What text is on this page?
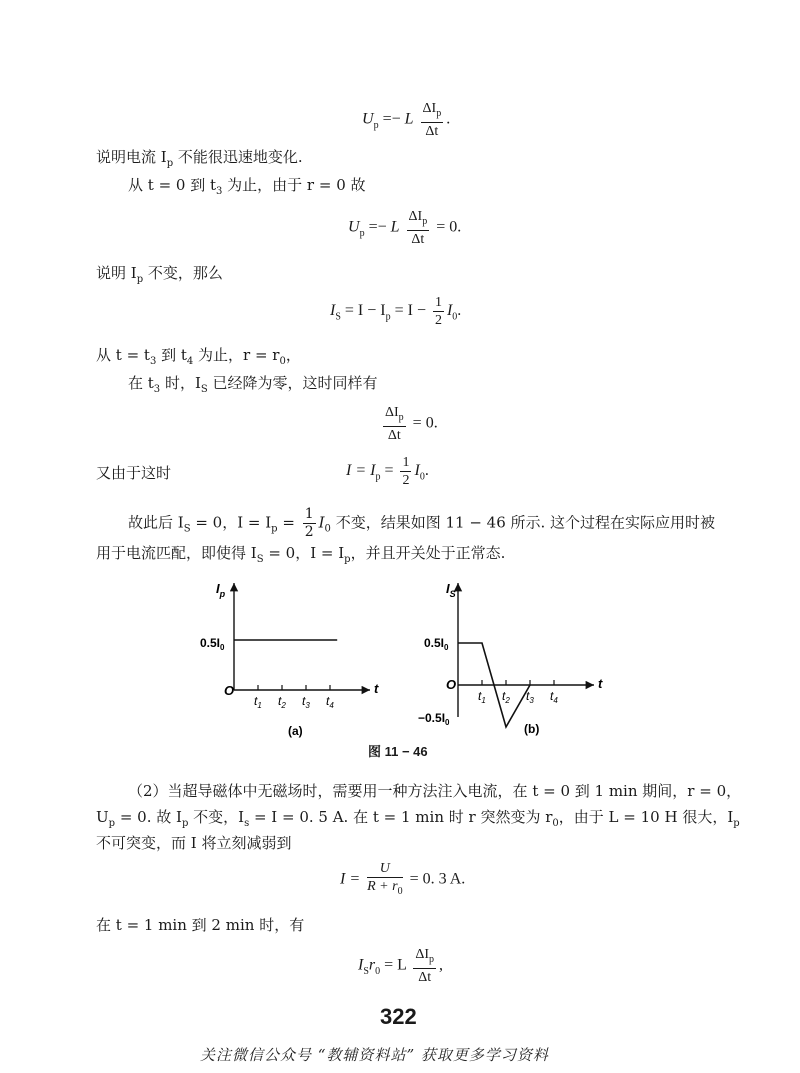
$U_p =- L \frac{\Delta I_p}{\Delta t}$ .
说明电流 $I_p$ 不能很迅速地变化.
从 t = 0 到 $t_3$ 为止，由于 r = 0 故
$U_p =- L \frac{\Delta I_p}{\Delta t} = 0$.
说明 $I_p$ 不变，那么
$I_S = I - I_p = I - \frac{1}{2} I_0$.
从 $t = t_3$ 到 $t_4$ 为止，$r = r_0$，
在 $t_3$ 时，$I_S$ 已经降为零，这时同样有
$\frac{\Delta I_p}{\Delta t} = 0$.
又由于这时	$I = I_p = \frac{1}{2} I_0$.
故此后 $I_S = 0$，$I = I_p = \frac{1}{2} I_0$ 不变，结果如图 11 − 46 所示. 这个过程在实际应用时被
用于电流匹配，即使得 $I_S = 0$，$I = I_p$，并且开关处于正常态.
$I_p$
t
O
$0.5I_0$
$t_1$ $t_2$ $t_3$ $t_4$
(a)
$I_S$
t
O
$0.5I_0$
$-0.5I_0$
$t_1$ $t_2$ $t_3$ $t_4$
(b)
图 11 − 46
（2）当超导磁体中无磁场时，需要用一种方法注入电流，在 t = 0 到 1 min 期间，r = 0，
$U_p = 0$. 故 $I_p$ 不变，$I_s = I = 0$. 5 A. 在 t = 1 min 时 r 突然变为 $r_0$，由于 L = 10 H 很大，$I_p$
不可突变，而 I 将立刻减弱到
$I = \frac{U}{R + r_0} = 0$. 3 A.
在 t = 1 min 到 2 min 时，有
$I_Sr_0 = L \frac{\Delta I_p}{\Delta t}$ ,
322
关注微信公众号 “教辅资料站” 获取更多学习资料
